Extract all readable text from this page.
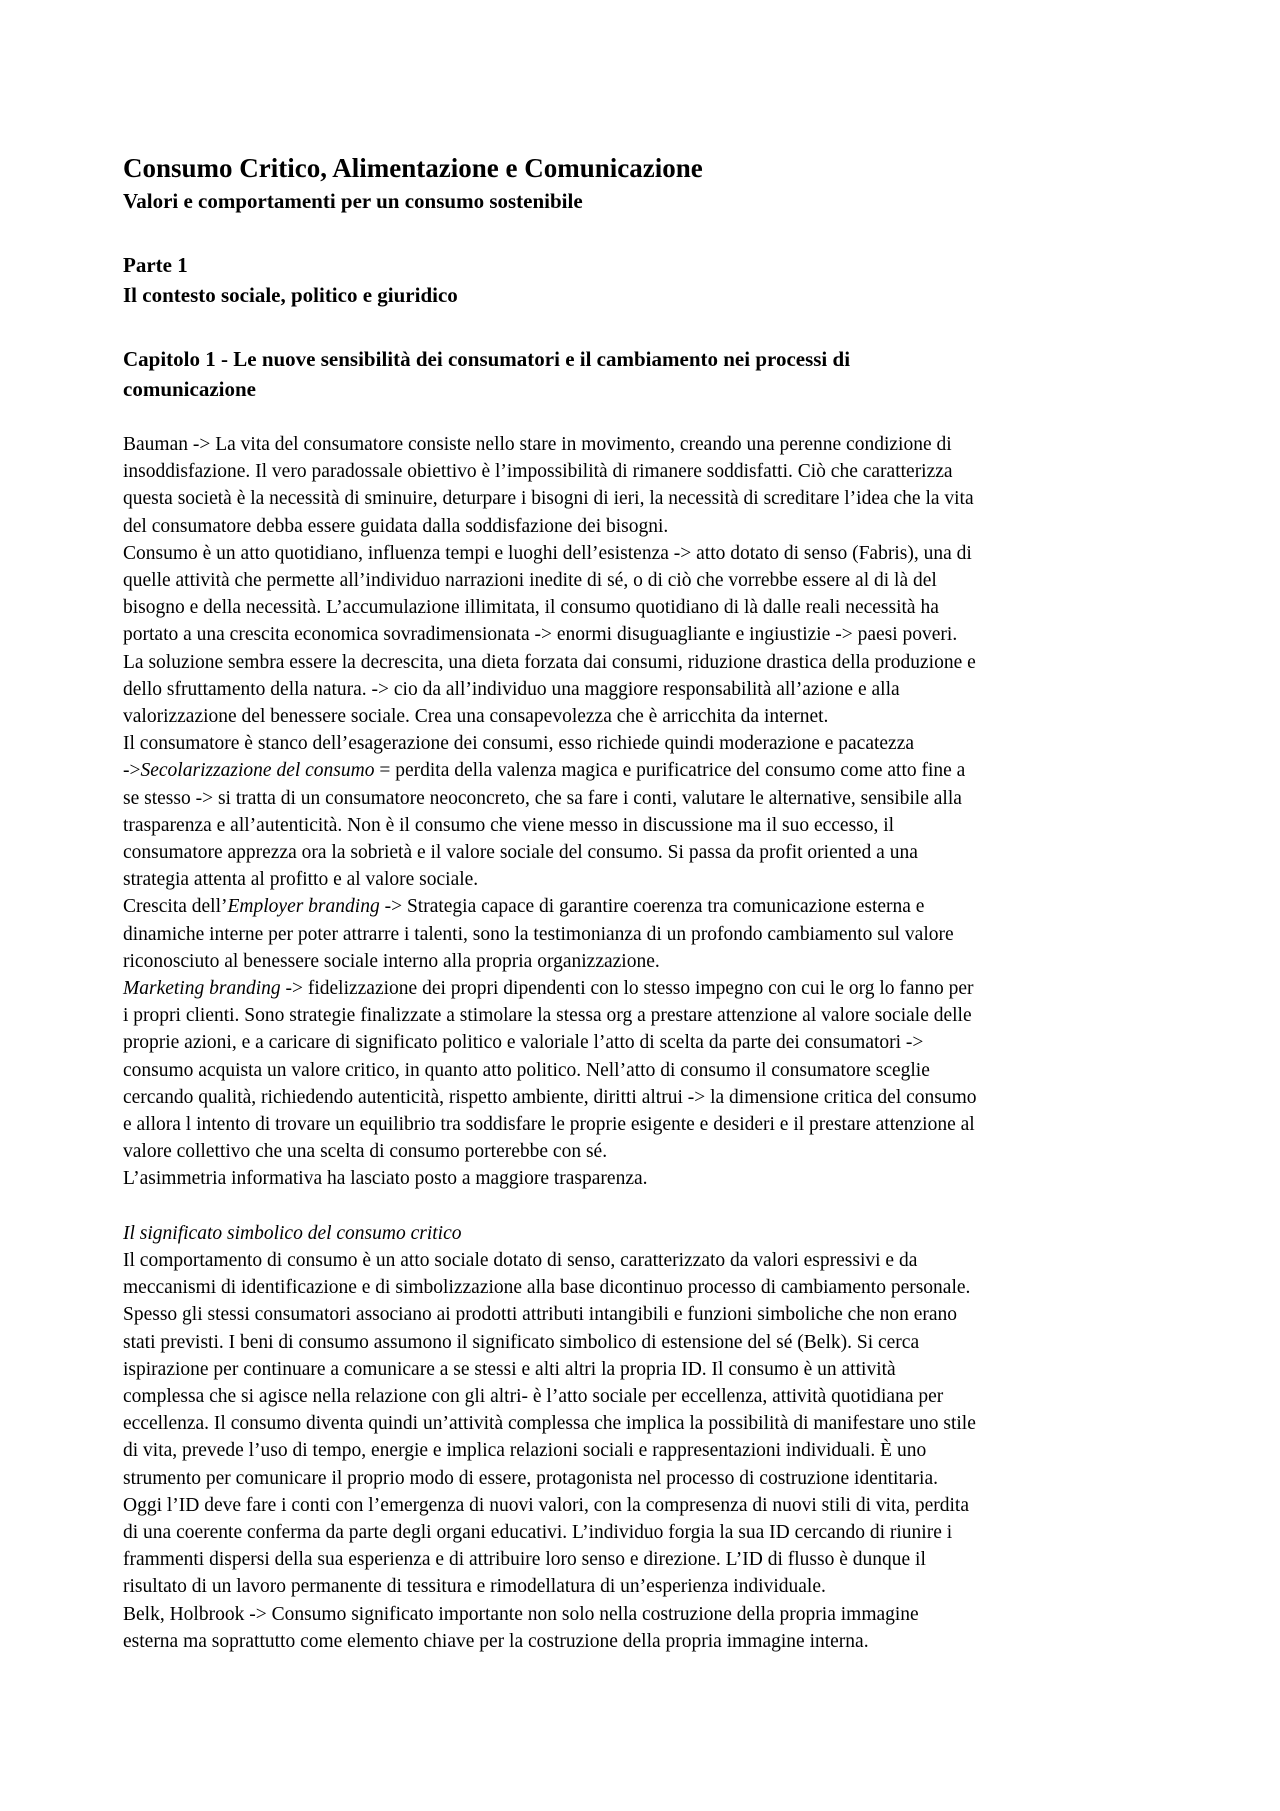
Consumo Critico, Alimentazione e Comunicazione
Valori e comportamenti per un consumo sostenibile
Parte 1
Il contesto sociale, politico e giuridico
Capitolo 1 - Le nuove sensibilità dei consumatori e il cambiamento nei processi di
comunicazione
Bauman -> La vita del consumatore consiste nello stare in movimento, creando una perenne condizione di
insoddisfazione. Il vero paradossale obiettivo è l’impossibilità di rimanere soddisfatti. Ciò che caratterizza
questa società è la necessità di sminuire, deturpare i bisogni di ieri, la necessità di screditare l’idea che la vita
del consumatore debba essere guidata dalla soddisfazione dei bisogni.
Consumo è un atto quotidiano, influenza tempi e luoghi dell’esistenza -> atto dotato di senso (Fabris), una di
quelle attività che permette all’individuo narrazioni inedite di sé, o di ciò che vorrebbe essere al di là del
bisogno e della necessità. L’accumulazione illimitata, il consumo quotidiano di là dalle reali necessità ha
portato a una crescita economica sovradimensionata -> enormi disuguagliante e ingiustizie -> paesi poveri.
La soluzione sembra essere la decrescita, una dieta forzata dai consumi, riduzione drastica della produzione e
dello sfruttamento della natura. -> cio da all’individuo una maggiore responsabilità all’azione e alla
valorizzazione del benessere sociale. Crea una consapevolezza che è arricchita da internet.
Il consumatore è stanco dell’esagerazione dei consumi, esso richiede quindi moderazione e pacatezza
->Secolarizzazione del consumo = perdita della valenza magica e purificatrice del consumo come atto fine a
se stesso -> si tratta di un consumatore neoconcreto, che sa fare i conti, valutare le alternative, sensibile alla
trasparenza e all’autenticità. Non è il consumo che viene messo in discussione ma il suo eccesso, il
consumatore apprezza ora la sobrietà e il valore sociale del consumo. Si passa da profit oriented a una
strategia attenta al profitto e al valore sociale.
Crescita dell’Employer branding -> Strategia capace di garantire coerenza tra comunicazione esterna e
dinamiche interne per poter attrarre i talenti, sono la testimonianza di un profondo cambiamento sul valore
riconosciuto al benessere sociale interno alla propria organizzazione.
Marketing branding -> fidelizzazione dei propri dipendenti con lo stesso impegno con cui le org lo fanno per
i propri clienti. Sono strategie finalizzate a stimolare la stessa org a prestare attenzione al valore sociale delle
proprie azioni, e a caricare di significato politico e valoriale l’atto di scelta da parte dei consumatori ->
consumo acquista un valore critico, in quanto atto politico. Nell’atto di consumo il consumatore sceglie
cercando qualità, richiedendo autenticità, rispetto ambiente, diritti altrui -> la dimensione critica del consumo
e allora l intento di trovare un equilibrio tra soddisfare le proprie esigente e desideri e il prestare attenzione al
valore collettivo che una scelta di consumo porterebbe con sé.
L’asimmetria informativa ha lasciato posto a maggiore trasparenza.
Il significato simbolico del consumo critico
Il comportamento di consumo è un atto sociale dotato di senso, caratterizzato da valori espressivi e da
meccanismi di identificazione e di simbolizzazione alla base dicontinuo processo di cambiamento personale.
Spesso gli stessi consumatori associano ai prodotti attributi intangibili e funzioni simboliche che non erano
stati previsti. I beni di consumo assumono il significato simbolico di estensione del sé (Belk). Si cerca
ispirazione per continuare a comunicare a se stessi e alti altri la propria ID. Il consumo è un attività
complessa che si agisce nella relazione con gli altri- è l’atto sociale per eccellenza, attività quotidiana per
eccellenza. Il consumo diventa quindi un’attività complessa che implica la possibilità di manifestare uno stile
di vita, prevede l’uso di tempo, energie e implica relazioni sociali e rappresentazioni individuali. È uno
strumento per comunicare il proprio modo di essere, protagonista nel processo di costruzione identitaria.
Oggi l’ID deve fare i conti con l’emergenza di nuovi valori, con la compresenza di nuovi stili di vita, perdita
di una coerente conferma da parte degli organi educativi. L’individuo forgia la sua ID cercando di riunire i
frammenti dispersi della sua esperienza e di attribuire loro senso e direzione. L’ID di flusso è dunque il
risultato di un lavoro permanente di tessitura e rimodellatura di un’esperienza individuale.
Belk, Holbrook -> Consumo significato importante non solo nella costruzione della propria immagine
esterna ma soprattutto come elemento chiave per la costruzione della propria immagine interna.
